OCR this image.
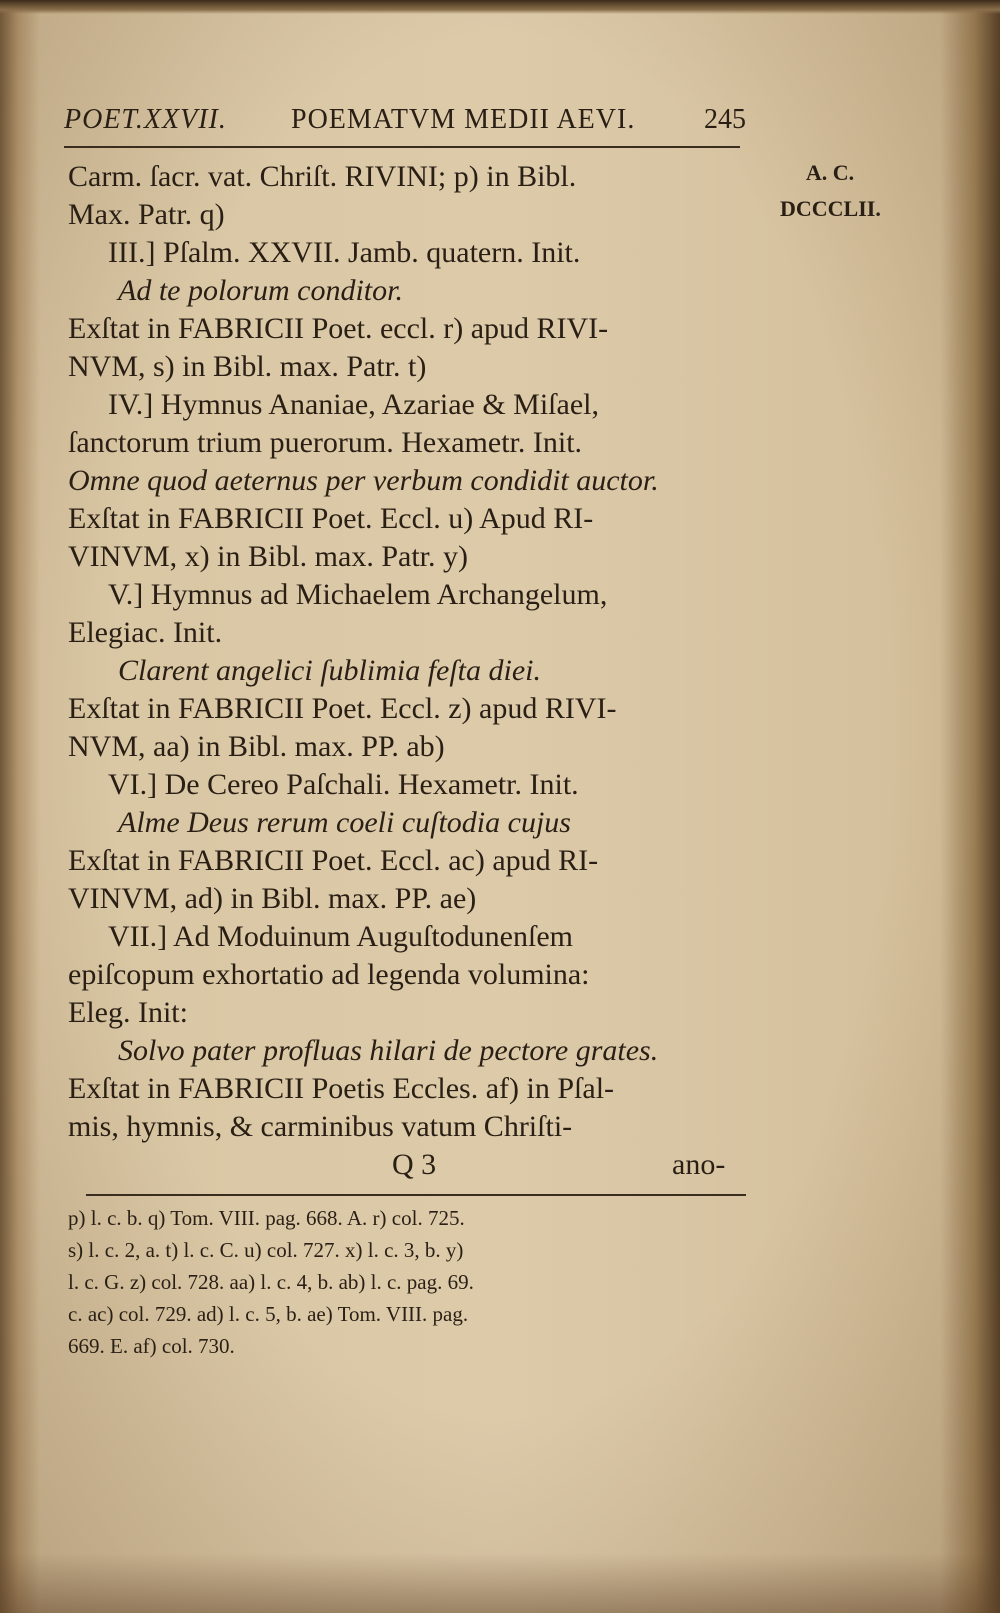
POET.XXVII. POEMATVM MEDII AEVI. 245
A. C.
DCCCLII.
Carm. ſacr. vat. Chriſt. RIVINI; p) in Bibl.
Max. Patr. q)
III.] Pſalm. XXVII. Jamb. quatern. Init.
Ad te polorum conditor.
Exſtat in FABRICII Poet. eccl. r) apud RIVI-
NVM, s) in Bibl. max. Patr. t)
IV.] Hymnus Ananiae, Azariae & Miſael,
ſanctorum trium puerorum. Hexametr. Init.
Omne quod aeternus per verbum condidit auctor.
Exſtat in FABRICII Poet. Eccl. u) Apud RI-
VINVM, x) in Bibl. max. Patr. y)
V.] Hymnus ad Michaelem Archangelum,
Elegiac. Init.
Clarent angelici ſublimia feſta diei.
Exſtat in FABRICII Poet. Eccl. z) apud RIVI-
NVM, aa) in Bibl. max. PP. ab)
VI.] De Cereo Paſchali. Hexametr. Init.
Alme Deus rerum coeli cuſtodia cujus
Exſtat in FABRICII Poet. Eccl. ac) apud RI-
VINVM, ad) in Bibl. max. PP. ae)
VII.] Ad Moduinum Auguſtodunenſem
epiſcopum exhortatio ad legenda volumina:
Eleg. Init:
Solvo pater profluas hilari de pectore grates.
Exſtat in FABRICII Poetis Eccles. af) in Pſal-
mis, hymnis, & carminibus vatum Chriſti-
Q 3	ano-
p) l. c. b. q) Tom. VIII. pag. 668. A. r) col. 725.
s) l. c. 2, a. t) l. c. C. u) col. 727. x) l. c. 3, b. y)
l. c. G. z) col. 728. aa) l. c. 4, b. ab) l. c. pag. 69.
c. ac) col. 729. ad) l. c. 5, b. ae) Tom. VIII. pag.
669. E. af) col. 730.
